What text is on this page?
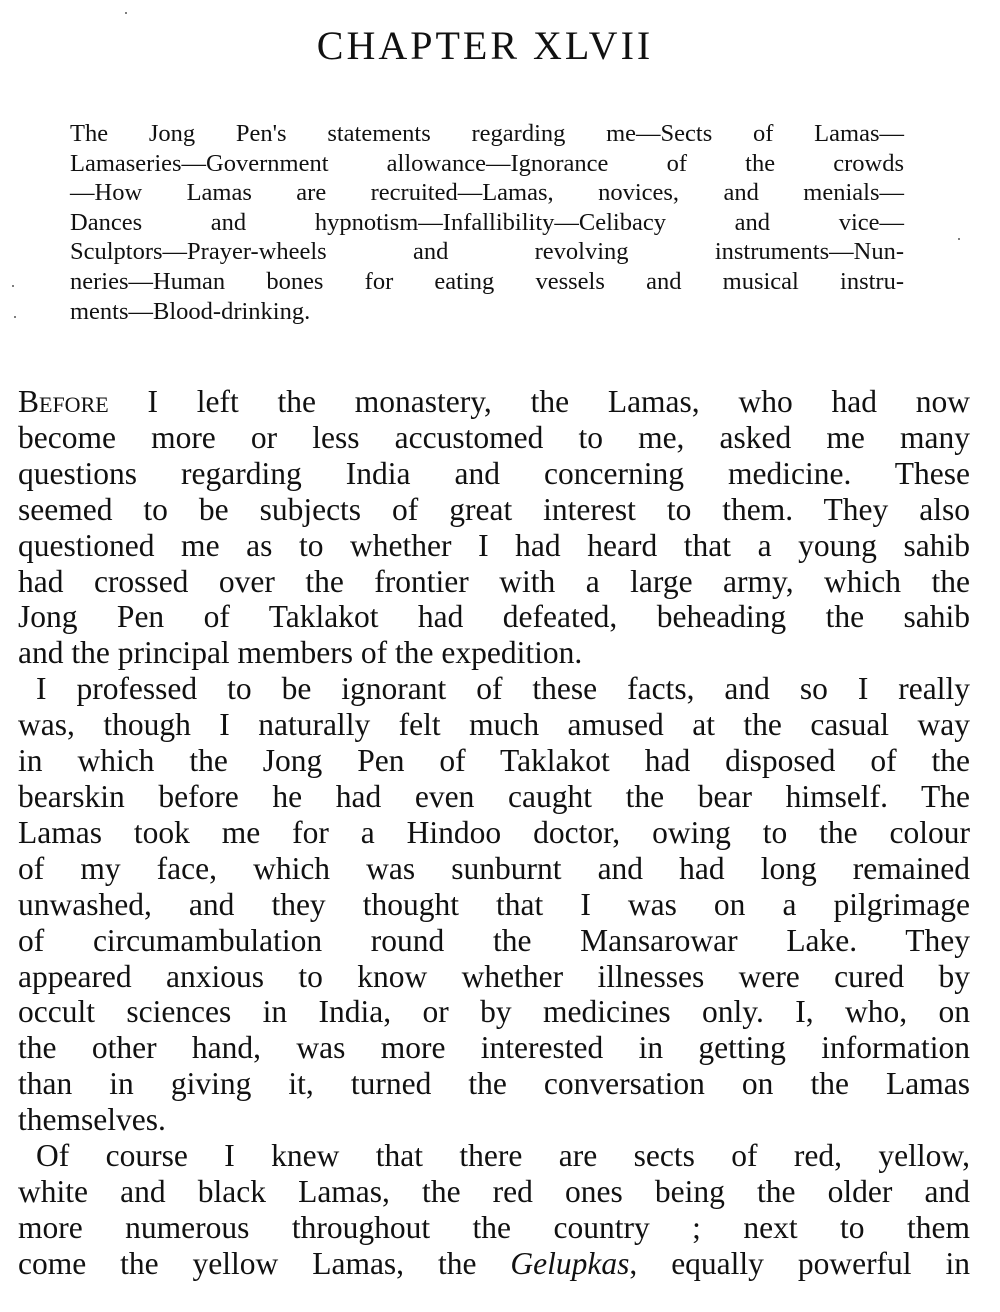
CHAPTER XLVII
The Jong Pen's statements regarding me—Sects of Lamas—
Lamaseries—Government allowance—Ignorance of the crowds
—How Lamas are recruited—Lamas, novices, and menials—
Dances and hypnotism—Infallibility—Celibacy and vice—
Sculptors—Prayer-wheels and revolving instruments—Nun-
neries—Human bones for eating vessels and musical instru-
ments—Blood-drinking.
Before I left the monastery, the Lamas, who had now
become more or less accustomed to me, asked me many
questions regarding India and concerning medicine. These
seemed to be subjects of great interest to them. They also
questioned me as to whether I had heard that a young sahib
had crossed over the frontier with a large army, which the
Jong Pen of Taklakot had defeated, beheading the sahib
and the principal members of the expedition.
I professed to be ignorant of these facts, and so I really
was, though I naturally felt much amused at the casual way
in which the Jong Pen of Taklakot had disposed of the
bearskin before he had even caught the bear himself. The
Lamas took me for a Hindoo doctor, owing to the colour
of my face, which was sunburnt and had long remained
unwashed, and they thought that I was on a pilgrimage
of circumambulation round the Mansarowar Lake. They
appeared anxious to know whether illnesses were cured by
occult sciences in India, or by medicines only. I, who, on
the other hand, was more interested in getting information
than in giving it, turned the conversation on the Lamas
themselves.
Of course I knew that there are sects of red, yellow,
white and black Lamas, the red ones being the older and
more numerous throughout the country ; next to them
come the yellow Lamas, the Gelupkas, equally powerful in
